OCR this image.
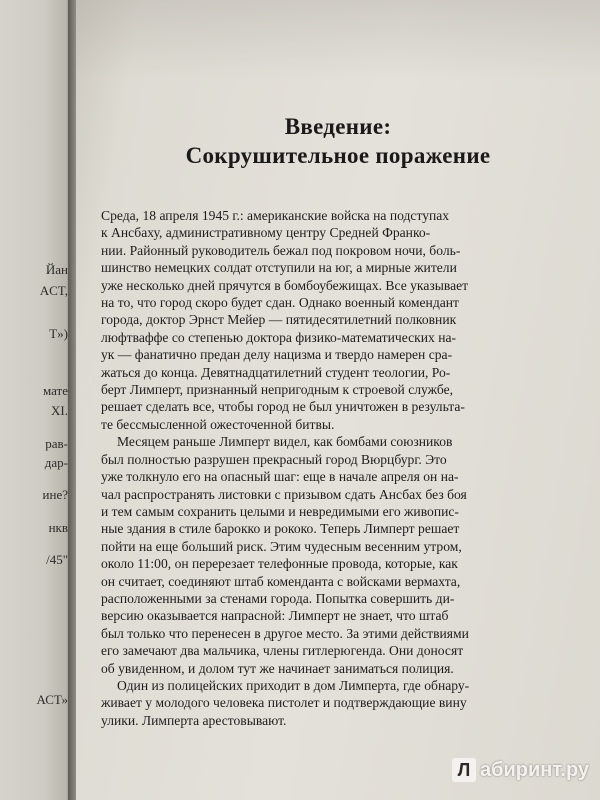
Йан
ACT,
T»)
мате
XI.
рав-
дар-
ине?
нкв
/45"
АСТ»
Введение:
Сокрушительное поражение
Среда, 18 апреля 1945 г.: американские войска на подступах
к Ансбаху, административному центру Средней Франко-
нии. Районный руководитель бежал под покровом ночи, боль-
шинство немецких солдат отступили на юг, а мирные жители
уже несколько дней прячутся в бомбоубежищах. Все указывает
на то, что город скоро будет сдан. Однако военный комендант
города, доктор Эрнст Мейер — пятидесятилетний полковник
люфтваффе со степенью доктора физико-математических на-
ук — фанатично предан делу нацизма и твердо намерен сра-
жаться до конца. Девятнадцатилетний студент теологии, Ро-
берт Лимперт, признанный непригодным к строевой службе,
решает сделать все, чтобы город не был уничтожен в результа-
те бессмысленной ожесточенной битвы.
Месяцем раньше Лимперт видел, как бомбами союзников
был полностью разрушен прекрасный город Вюрцбург. Это
уже толкнуло его на опасный шаг: еще в начале апреля он на-
чал распространять листовки с призывом сдать Ансбах без боя
и тем самым сохранить целыми и невредимыми его живопис-
ные здания в стиле барокко и рококо. Теперь Лимперт решает
пойти на еще больший риск. Этим чудесным весенним утром,
около 11:00, он перерезает телефонные провода, которые, как
он считает, соединяют штаб коменданта с войсками вермахта,
расположенными за стенами города. Попытка совершить ди-
версию оказывается напрасной: Лимперт не знает, что штаб
был только что перенесен в другое место. За этими действиями
его замечают два мальчика, члены гитлерюгенда. Они доносят
об увиденном, и долом тут же начинает заниматься полиция.
Один из полицейских приходит в дом Лимперта, где обнару-
живает у молодого человека пистолет и подтверждающие вину
улики. Лимперта арестовывают.
Л абиринт.ру
